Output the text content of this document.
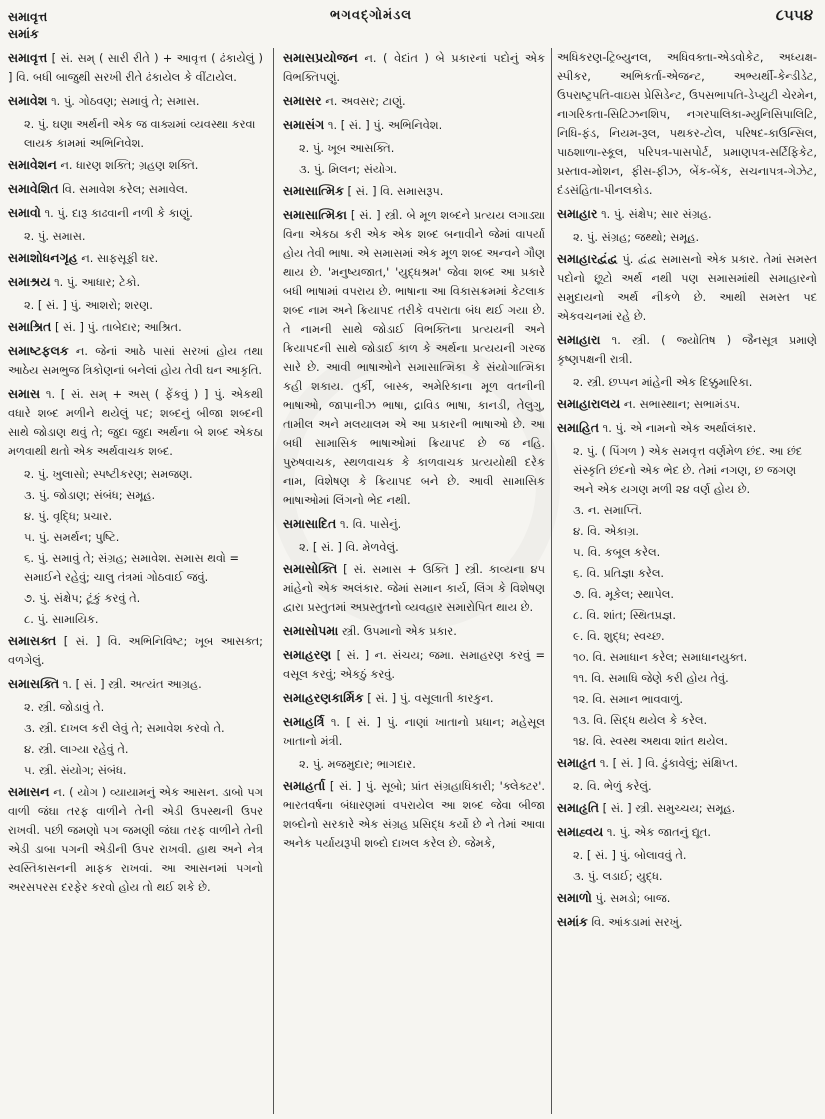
સમાવૃત્ત
સમાંક
ભગવદ્ગોમંડલ	૮૫૫૪
સમાવૃત્ત [ સં. સમ્ ( સારી રીતે ) + આવૃત્ત ( ઢંકાયેલું ) ] વિ. બધી બાજુથી સરખી રીતે ઢંકાયેલ કે વીંટાયેલ.
સમાવેશ ૧. પું. ગોઠવણ; સમાવું તે; સમાસ.
૨. પું. ઘણા અર્થની એક જ વાક્યમાં વ્યવસ્થા કરવા લાયક કામમાં અભિનિવેશ.
સમાવેશન ન. ધારણ શક્તિ; ગ્રહણ શક્તિ.
સમાવેશિત વિ. સમાવેશ કરેલ; સમાવેલ.
સમાવો ૧. પું. દારૂ કાઢવાની નળી કે કાણું.
૨. પું. સમાસ.
સમાશોધનગૃહ ન. સાફસૂફી ઘર.
સમાશ્રય ૧. પું. આધાર; ટેકો.
૨. [ સં. ] પું. આશરો; શરણ.
સમાશ્રિત [ સં. ] પું. તાબેદાર; આશ્રિત.
સમાષ્ટફલક ન. જેનાં આઠે પાસાં સરખાં હોય તથા આઠેય સમભુજ ત્રિકોણનાં બનેલાં હોય તેવી ઘન આકૃતિ.
સમાસ ૧. [ સં. સમ્ + અસ્ ( ફેંકવું ) ] પું. એકથી વધારે શબ્દ મળીને થયેલું પદ; શબ્દનું બીજા શબ્દની સાથે જોડાણ થવું તે; જુદા જુદા અર્થના બે શબ્દ એકઠા મળવાથી થતો એક અર્થવાચક શબ્દ.
૨. પું. ખુલાસો; સ્પષ્ટીકરણ; સમજણ.
૩. પું. જોડાણ; સંબંધ; સમૂહ.
૪. પું. વૃદ્ધિ; પ્રચાર.
૫. પું. સમર્થન; પુષ્ટિ.
૬. પું. સમાવું તે; સંગ્રહ; સમાવેશ. સમાસ થવો = સમાઈને રહેવું; ચાલુ તંત્રમાં ગોઠવાઈ જવું.
૭. પું. સંક્ષેપ; ટૂંકું કરવું તે.
૮. પું. સામાયિક.
સમાસક્ત [ સં. ] વિ. અભિનિવિષ્ટ; ખૂબ આસક્ત; વળગેલું.
સમાસક્તિ ૧. [ સં. ] સ્ત્રી. અત્યંત આગ્રહ.
૨. સ્ત્રી. જોડાવું તે.
૩. સ્ત્રી. દાખલ કરી લેવું તે; સમાવેશ કરવો તે.
૪. સ્ત્રી. લાગ્યા રહેવું તે.
૫. સ્ત્રી. સંયોગ; સંબંધ.
સમાસન ન. ( યોગ ) વ્યાયામનું એક આસન. ડાબો પગ વાળી જંઘા તરફ વાળીને તેની એડી ઉપસ્થની ઉપર રાખવી. પછી જમણો પગ જમણી જંઘા તરફ વાળીને તેની એડી ડાબા પગની એડીની ઉપર રાખવી. હાથ અને નેત્ર સ્વસ્તિકાસનની માફક રાખવાં. આ આસનમાં પગનો અરસપરસ દરફેર કરવો હોય તો થઈ શકે છે.
સમાસપ્રયોજન ન. ( વેદાંત ) બે પ્રકારનાં પદોનું એક વિભક્તિપણું.
સમાસર ન. અવસર; ટાણું.
સમાસંગ ૧. [ સં. ] પું. અભિનિવેશ.
૨. પું. ખૂબ આસક્તિ.
૩. પું. મિલન; સંયોગ.
સમાસાત્મિક [ સં. ] વિ. સમાસરૂપ.
સમાસાત્મિકા [ સં. ] સ્ત્રી. બે મૂળ શબ્દને પ્રત્યય લગાડ્યા વિના એકઠા કરી એક એક શબ્દ બનાવીને જેમાં વાપર્યા હોય તેવી ભાષા. એ સમાસમાં એક મૂળ શબ્દ અન્વને ગૌણ થાય છે. 'મનુષ્યજાત,' 'યુદ્ધશ્રમ' જેવા શબ્દ આ પ્રકારે બધી ભાષામાં વપરાય છે. ભાષાના આ વિકાસક્રમમાં કેટલાક શબ્દ નામ અને ક્રિયાપદ તરીકે વપરાતા બંધ થઈ ગયા છે. તે નામની સાથે જોડાઈ વિભક્તિના પ્રત્યયની અને ક્રિયાપદની સાથે જોડાઈ કાળ કે અર્થના પ્રત્યયની ગરજ સારે છે. આવી ભાષાઓને સમાસાત્મિકા કે સંયોગાત્મિકા કહી શકાય. તુર્કી, બાસ્ક, અમેરિકાના મૂળ વતનીની ભાષાઓ, જાપાનીઝ ભાષા, દ્રાવિડ ભાષા, કાનડી, તેલુગુ, તામીલ અને મલયાલમ એ આ પ્રકારની ભાષાઓ છે. આ બધી સામાસિક ભાષાઓમાં ક્રિયાપદ છે જ નહિ. પુરુષવાચક, સ્થળવાચક કે કાળવાચક પ્રત્યયોથી દરેક નામ, વિશેષણ કે ક્રિયાપદ બને છે. આવી સામાસિક ભાષાઓમાં લિંગનો ભેદ નથી.
સમાસાદિત ૧. વિ. પાસેનું.
૨. [ સં. ] વિ. મેળવેલું.
સમાસોક્તિ [ સં. સમાસ + ઉક્તિ ] સ્ત્રી. કાવ્યના ૪૫ માંહેનો એક અલંકાર. જેમાં સમાન કાર્ય, લિંગ કે વિશેષણ દ્વારા પ્રસ્તુતમાં અપ્રસ્તુતનો વ્યવહાર સમારોપિત થાય છે.
સમાસોપમા સ્ત્રી. ઉપમાનો એક પ્રકાર.
સમાહરણ [ સં. ] ન. સંચય; જમા. સમાહરણ કરવું = વસૂલ કરવું; એકઠું કરવું.
સમાહરણકાર્મિક [ સં. ] પું. વસૂલાતી કારકુન.
સમાહર્ત્રિ ૧. [ સં. ] પું. નાણાં ખાતાનો પ્રધાન; મહેસૂલ ખાતાનો મંત્રી.
૨. પું. મજમુદાર; ભાગદાર.
સમાહર્તા [ સં. ] પું. સૂબો; પ્રાંત સંગ્રહાધિકારી; 'ક્લેક્ટર'. ભારતવર્ષના બંધારણમાં વપરાયેલ આ શબ્દ જેવા બીજા શબ્દોનો સરકારે એક સંગ્રહ પ્રસિદ્ધ કર્યો છે ને તેમાં આવા અનેક પર્યાયરૂપી શબ્દો દાખલ કરેલ છે. જેમકે,
અધિકરણ-ટ્રિબ્યુનલ, અધિવક્તા-એડવોકેટ, અધ્યક્ષ-સ્પીકર, અભિકર્તા-એજન્ટ, અભ્યર્થી-કેન્ડીડેટ, ઉપરાષ્ટ્રપતિ-વાઇસ પ્રેસિડેન્ટ, ઉપસભાપતિ-ડેપ્યુટી ચેરમેન, નાગરિકતા-સિટિઝનશિપ, નગરપાલિકા-મ્યુનિસિપાલિટિ, નિધિ-ફંડ, નિયમ-રૂલ, પથકર-ટોલ, પરિષદ-કાઉન્સિલ, પાઠશાળા-સ્કૂલ, પરિપત્ર-પાસપોર્ટ, પ્રમાણપત્ર-સર્ટિફિકેટ, પ્રસ્તાવ-મોશન, ફીસ-ફીઝ, બેંક-બેંક, સચનાપત્ર-ગેઝેટ, દંડસંહિતા-પીનલકોડ.
સમાહાર ૧. પું. સંક્ષેપ; સાર સંગ્રહ.
૨. પું. સંગ્રહ; જથ્થો; સમૂહ.
સમાહારદ્વંદ્વ પું. દ્વંદ્વ સમાસનો એક પ્રકાર. તેમાં સમસ્ત પદોનો છૂટો અર્થ નથી પણ સમાસમાંથી સમાહારનો સમુદાયનો અર્થ નીકળે છે. આથી સમસ્ત પદ એકવચનમાં રહે છે.
સમાહારા ૧. સ્ત્રી. ( જ્યોતિષ ) જૈનસૂત્ર પ્રમાણે કૃષ્ણપક્ષની રાત્રી.
૨. સ્ત્રી. છપ્પન માંહેની એક દિક્કુમારિકા.
સમાહારાલય ન. સભાસ્થાન; સભામંડપ.
સમાહિત ૧. પું. એ નામનો એક અર્થાલંકાર.
૨. પું. ( પિંગળ ) એક સમવૃત્ત વર્ણમેળ છંદ. આ છંદ સંસ્કૃતિ છંદનો એક ભેદ છે. તેમાં નગણ, છ જગણ અને એક યગણ મળી ૨૪ વર્ણ હોય છે.
૩. ન. સમાપ્તિ.
૪. વિ. એકાગ્ર.
૫. વિ. કબૂલ કરેલ.
૬. વિ. પ્રતિજ્ઞા કરેલ.
૭. વિ. મૂકેલ; સ્થાપેલ.
૮. વિ. શાંત; સ્થિતપ્રજ્ઞ.
૯. વિ. શુદ્ધ; સ્વચ્છ.
૧૦. વિ. સમાધાન કરેલ; સમાધાનયુક્ત.
૧૧. વિ. સમાધિ જેણે કરી હોય તેવું.
૧૨. વિ. સમાન ભાવવાળું.
૧૩. વિ. સિદ્ધ થયેલ કે કરેલ.
૧૪. વિ. સ્વસ્થ અથવા શાંત થયેલ.
સમાહૃત ૧. [ સં. ] વિ. ઢુંકાવેલું; સંક્ષિપ્ત.
૨. વિ. ભેળું કરેલું.
સમાહૃતિ [ સં. ] સ્ત્રી. સમુચ્ચય; સમૂહ.
સમાહ્વય ૧. પું. એક જાતનું દ્યૂત.
૨. [ સં. ] પું. બોલાવવું તે.
૩. પું. લડાઈ; યુદ્ધ.
સમાળો પું. સમડો; બાજ.
સમાંક વિ. આંકડામાં સરખું.
